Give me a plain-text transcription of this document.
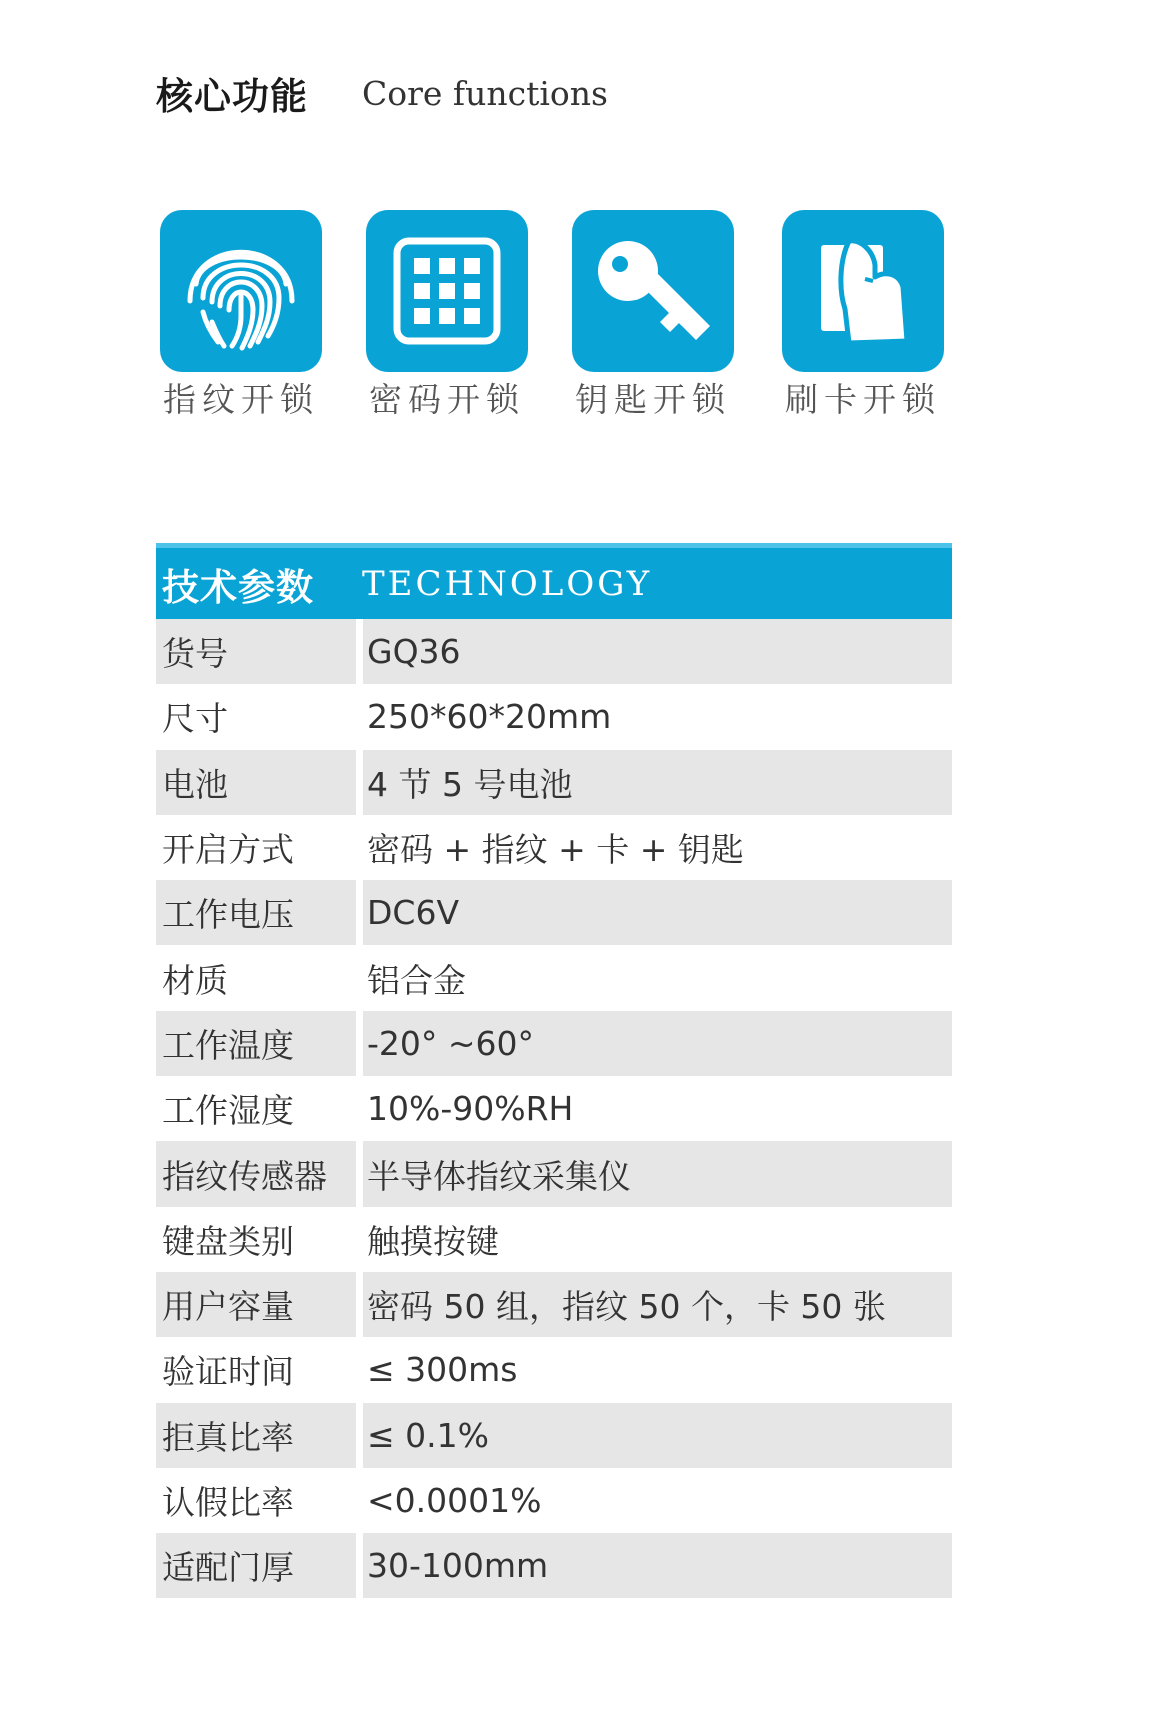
核心功能 Core functions
指纹开锁 密码开锁 钥匙开锁 刷卡开锁
技术参数 TECHNOLOGY
货号	GQ36
尺寸	250*60*20mm
电池	4 节 5 号电池
开启方式	密码 + 指纹 + 卡 + 钥匙
工作电压	DC6V
材质	铝合金
工作温度	-20° ~60°
工作湿度	10%-90%RH
指纹传感器	半导体指纹采集仪
键盘类别	触摸按键
用户容量	密码 50 组，指纹 50 个，卡 50 张
验证时间	≤ 300ms
拒真比率	≤ 0.1%
认假比率	<0.0001%
适配门厚	30-100mm
